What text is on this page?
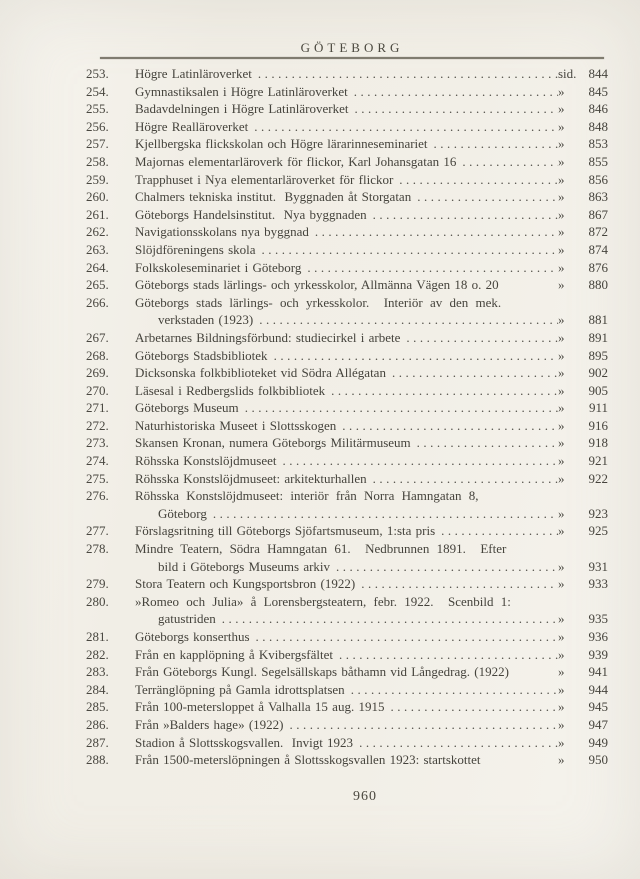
GÖTEBORG
253. Högre Latinläroverket .....	sid. 844
254. Gymnastiksalen i Högre Latinläroverket .....	»	845
255. Badavdelningen i Högre Latinläroverket .....	»	846
256. Högre Realläroverket .....	»	848
257. Kjellbergska flickskolan och Högre lärarinneseminariet .....	»	853
258. Majornas elementarläroverk för flickor, Karl Johansgatan 16 .....	»	855
259. Trapphuset i Nya elementarläroverket för flickor .....	»	856
260. Chalmers tekniska institut.  Byggnaden åt Storgatan .....	»	863
261. Göteborgs Handelsinstitut.  Nya byggnaden .....	»	867
262. Navigationsskolans nya byggnad .....	»	872
263. Slöjdföreningens skola .....	»	874
264. Folkskoleseminariet i Göteborg .....	»	876
265. Göteborgs stads lärlings- och yrkesskolor, Allmänna Vägen 18 o. 20	»	880
266. Göteborgs stads lärlings- och yrkesskolor.  Interiör av den mek.
verkstaden (1923) .....	»	881
267. Arbetarnes Bildningsförbund: studiecirkel i arbete .....	»	891
268. Göteborgs Stadsbibliotek .....	»	895
269. Dicksonska folkbiblioteket vid Södra Allégatan .....	»	902
270. Läsesal i Redbergslids folkbibliotek .....	»	905
271. Göteborgs Museum .....	»	911
272. Naturhistoriska Museet i Slottsskogen .....	»	916
273. Skansen Kronan, numera Göteborgs Militärmuseum .....	»	918
274. Röhsska Konstslöjdmuseet .....	»	921
275. Röhsska Konstslöjdmuseet: arkitekturhallen .....	»	922
276. Röhsska Konstslöjdmuseet: interiör från Norra Hamngatan 8,
Göteborg .....	»	923
277. Förslagsritning till Göteborgs Sjöfartsmuseum, 1:sta pris .....	»	925
278. Mindre Teatern, Södra Hamngatan 61.  Nedbrunnen 1891.  Efter
bild i Göteborgs Museums arkiv .....	»	931
279. Stora Teatern och Kungsportsbron (1922) .....	»	933
280. »Romeo och Julia» å Lorensbergsteatern, febr. 1922.  Scenbild 1:
gatustriden .....	»	935
281. Göteborgs konserthus .....	»	936
282. Från en kapplöpning å Kvibergsfältet .....	»	939
283. Från Göteborgs Kungl. Segelsällskaps båthamn vid Långedrag. (1922)	»	941
284. Terränglöpning på Gamla idrottsplatsen .....	»	944
285. Från 100-metersloppet å Valhalla 15 aug. 1915 .....	»	945
286. Från »Balders hage» (1922) .....	»	947
287. Stadion å Slottsskogsvallen.  Invigt 1923 .....	»	949
288. Från 1500-meterslöpningen å Slottsskogsvallen 1923: startskottet	»	950
960
